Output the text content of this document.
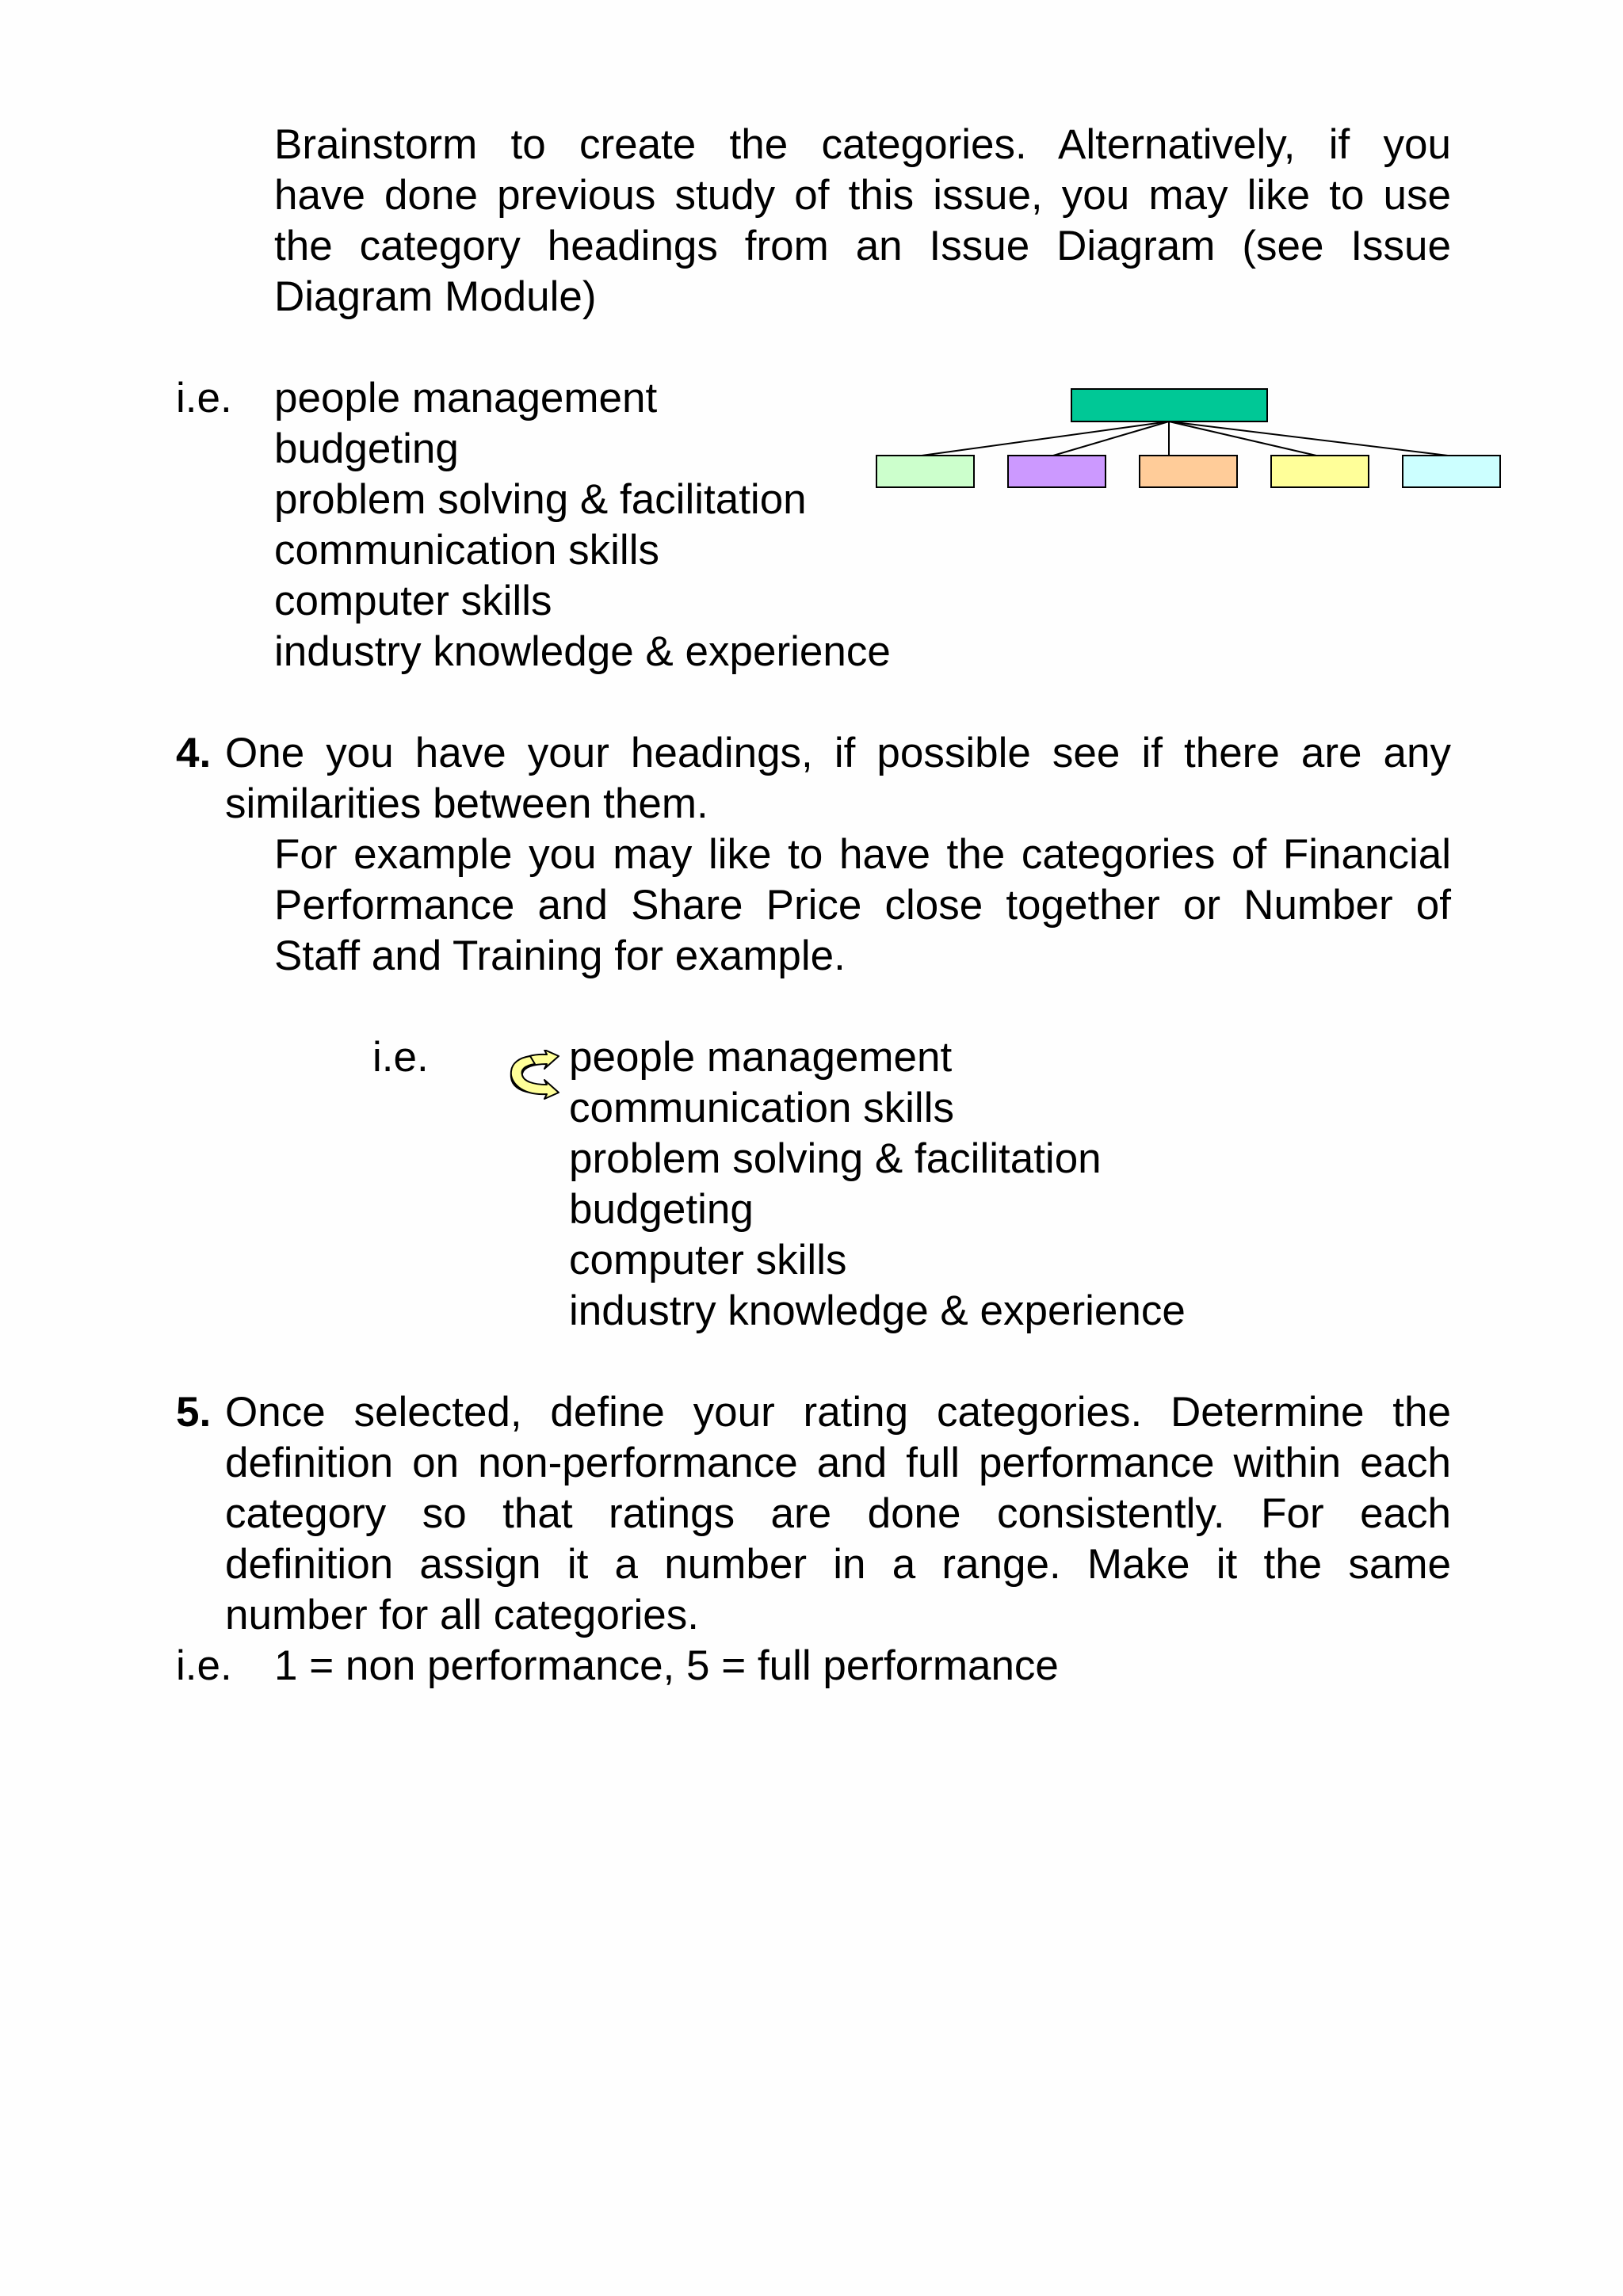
Brainstorm to create the categories. Alternatively, if you
have done previous study of this issue, you may like to use
the category headings from an Issue Diagram (see Issue
Diagram Module)
i.e. people management
budgeting
problem solving & facilitation
communication skills
computer skills
industry knowledge & experience
4. One you have your headings, if possible see if there are any
similarities between them.
For example you may like to have the categories of Financial
Performance and Share Price close together or Number of
Staff and Training for example.
i.e.	people management
communication skills
problem solving & facilitation
budgeting
computer skills
industry knowledge & experience
5. Once selected, define your rating categories. Determine the
definition on non-performance and full performance within each
category so that ratings are done consistently. For each
definition assign it a number in a range. Make it the same
number for all categories.
i.e. 1 = non performance, 5 = full performance
